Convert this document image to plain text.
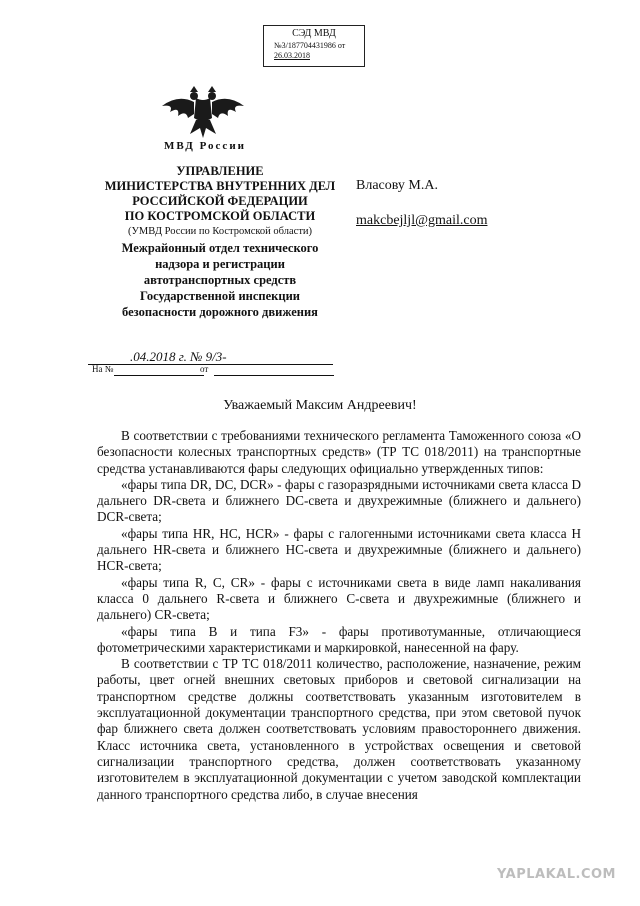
СЭД МВД
№3/187704431986 от
26.03.2018
МВД России
УПРАВЛЕНИЕ
МИНИСТЕРСТВА ВНУТРЕННИХ ДЕЛ
РОССИЙСКОЙ ФЕДЕРАЦИИ
ПО КОСТРОМСКОЙ ОБЛАСТИ
(УМВД России по Костромской области)
Межрайонный отдел технического
надзора и регистрации
автотранспортных средств
Государственной инспекции
безопасности дорожного движения
.04.2018 г. № 9/3-
На №	от
Власову М.А.
makcbejljl@gmail.com
Уважаемый Максим Андреевич!

В соответствии с требованиями технического регламента Таможенного союза «О безопасности колесных транспортных средств» (ТР ТС 018/2011) на транспортные средства устанавливаются фары следующих официально утвержденных типов:

«фары типа DR, DC, DCR» - фары с газоразрядными источниками света класса D дальнего DR-света и ближнего DC-света и двухрежимные (ближнего и дальнего) DCR-света;

«фары типа HR, HC, HCR» - фары с галогенными источниками света класса H дальнего HR-света и ближнего HC-света и двухрежимные (ближнего и дальнего) HCR-света;

«фары типа R, C, CR» - фары с источниками света в виде ламп накаливания класса 0 дальнего R-света и ближнего C-света и двухрежимные (ближнего и дальнего) CR-света;

«фары типа B и типа F3» - фары противотуманные, отличающиеся фотометрическими характеристиками и маркировкой, нанесенной на фару.

В соответствии с ТР ТС 018/2011 количество, расположение, назначение, режим работы, цвет огней внешних световых приборов и световой сигнализации на транспортном средстве должны соответствовать указанным изготовителем в эксплуатационной документации транспортного средства, при этом световой пучок фар ближнего света должен соответствовать условиям правостороннего движения. Класс источника света, установленного в устройствах освещения и световой сигнализации транспортного средства, должен соответствовать указанному изготовителем в эксплуатационной документации с учетом заводской комплектации данного транспортного средства либо, в случае внесения

YAPLAKAL.COM
